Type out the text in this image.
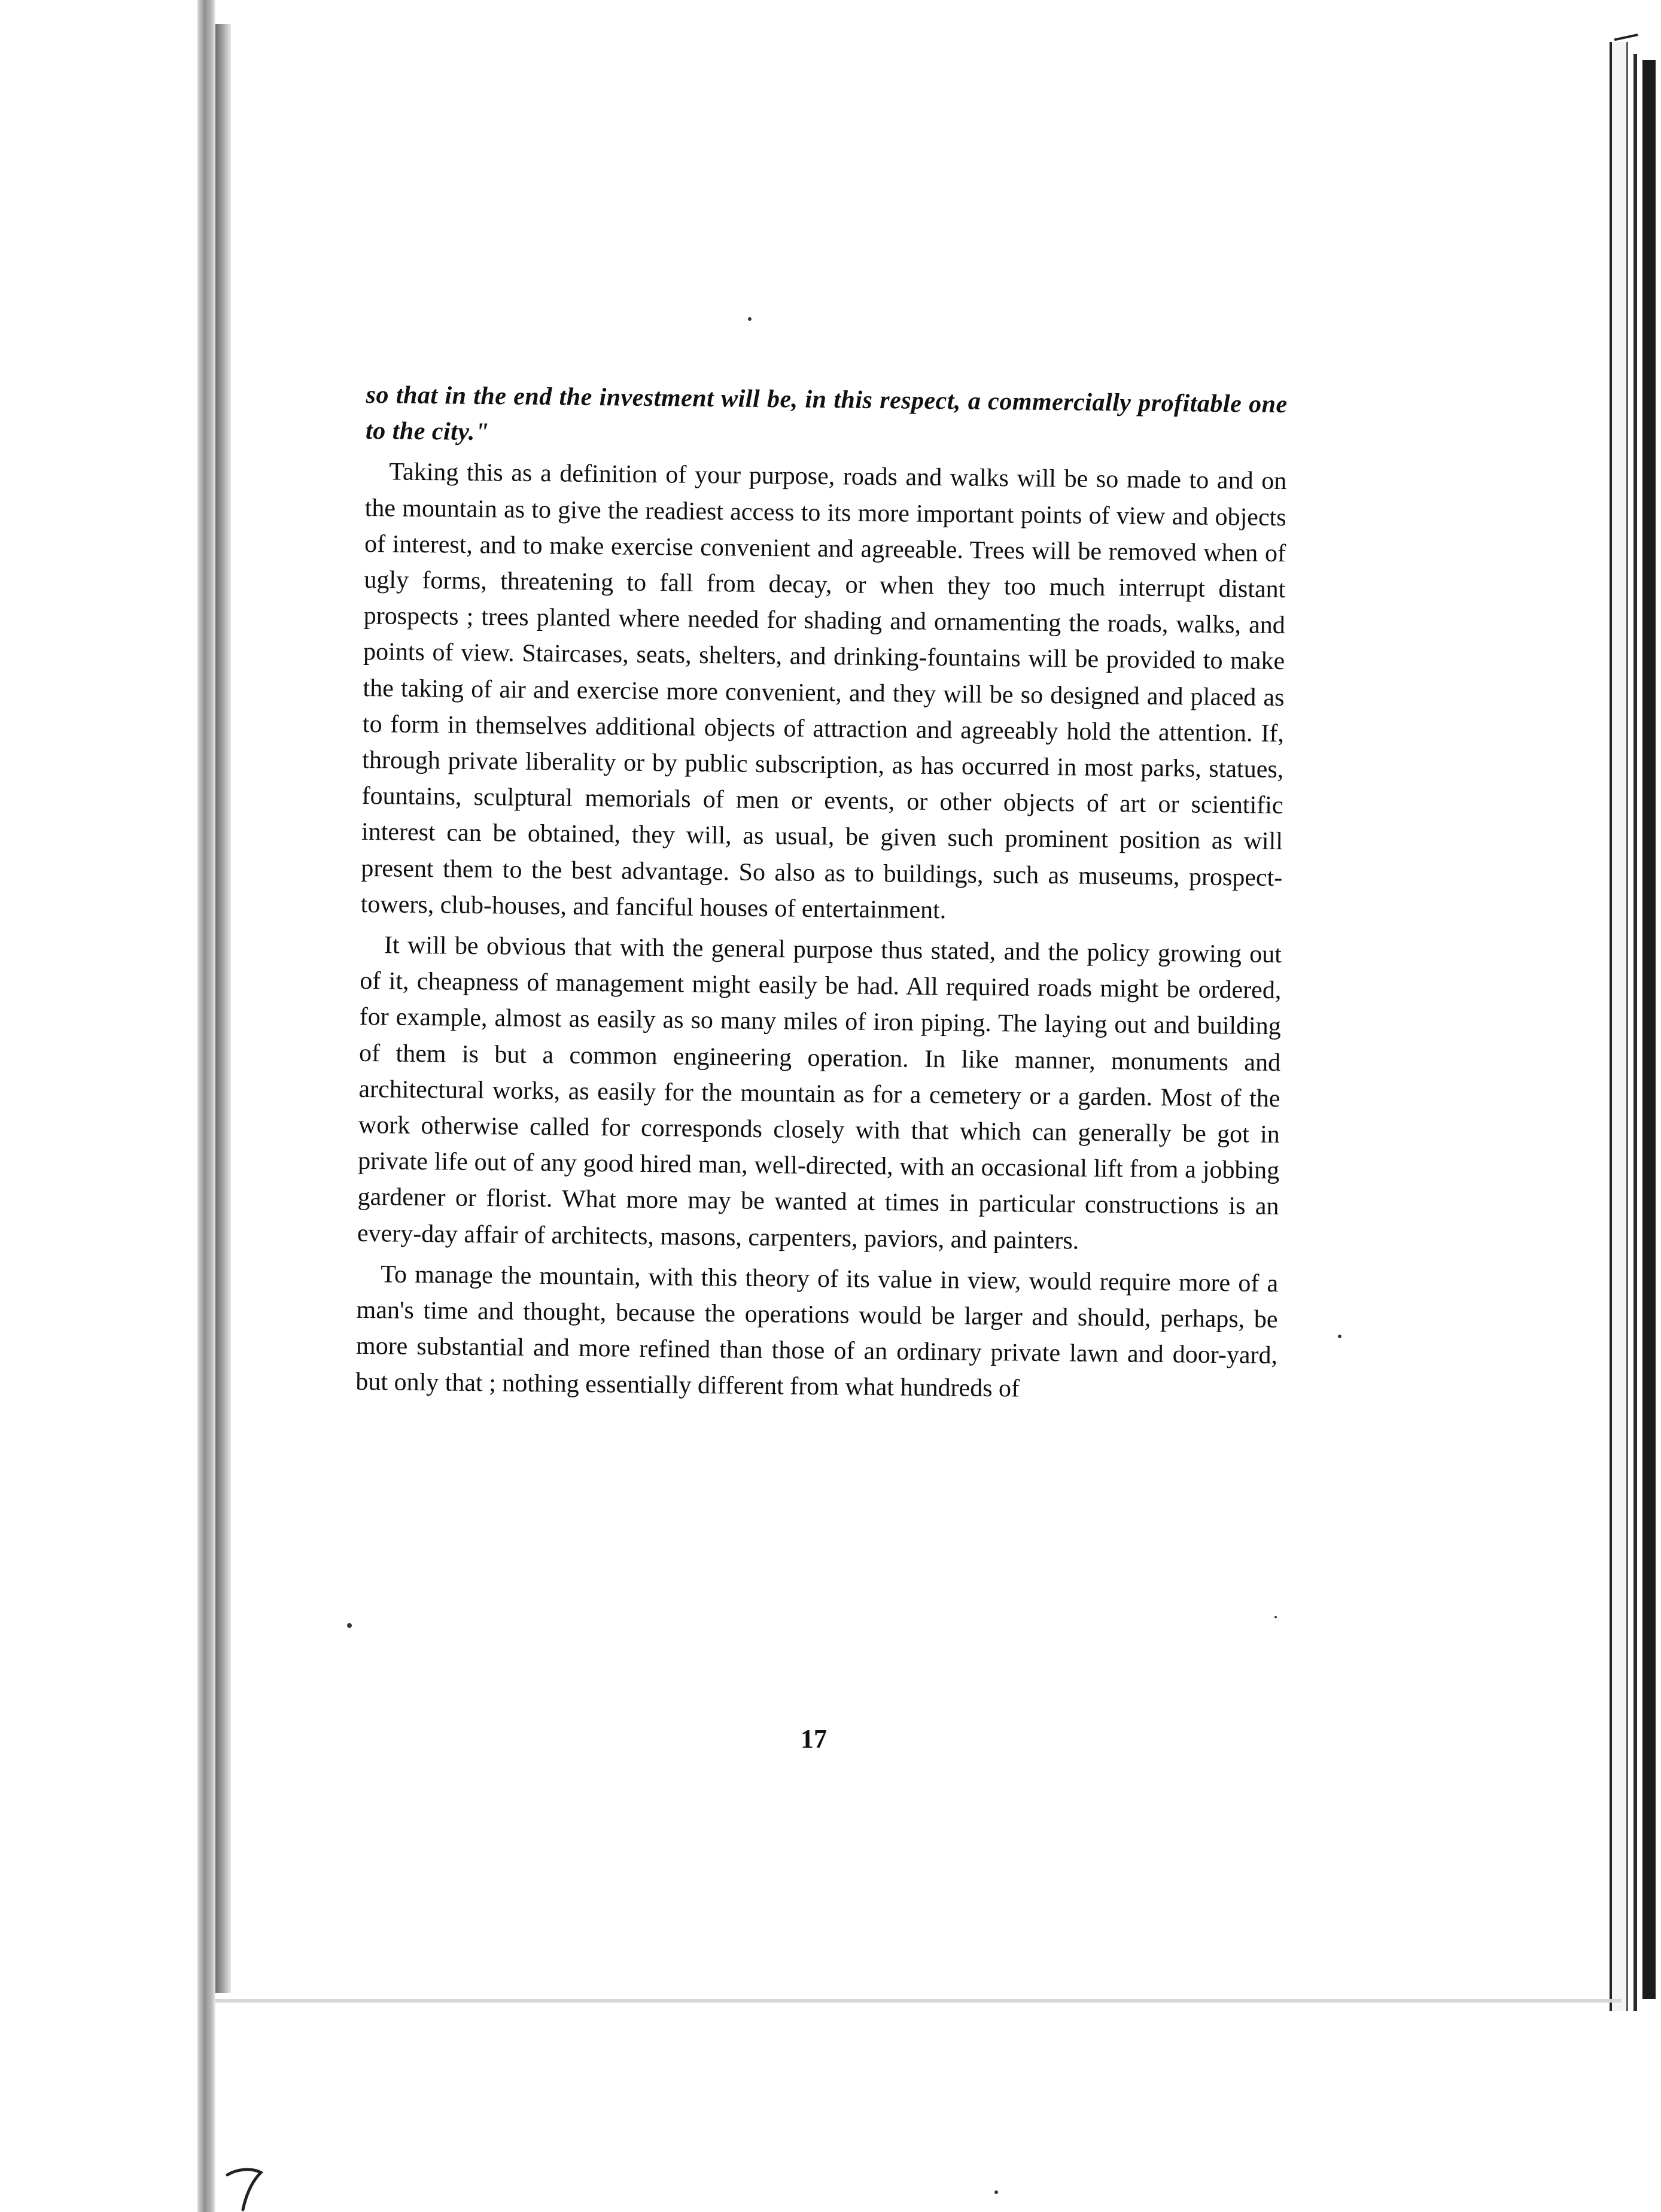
so that in the end the investment will be, in this respect, a commercially profitable one to the city."

Taking this as a definition of your purpose, roads and walks will be so made to and on the mountain as to give the readiest access to its more important points of view and objects of interest, and to make exercise convenient and agreeable. Trees will be removed when of ugly forms, threatening to fall from decay, or when they too much interrupt distant prospects ; trees planted where needed for shading and ornamenting the roads, walks, and points of view. Staircases, seats, shelters, and drinking-fountains will be provided to make the taking of air and exercise more convenient, and they will be so designed and placed as to form in themselves additional objects of attraction and agreeably hold the attention. If, through private liberality or by public subscription, as has occurred in most parks, statues, fountains, sculptural memorials of men or events, or other objects of art or scientific interest can be obtained, they will, as usual, be given such prominent position as will present them to the best advantage. So also as to buildings, such as museums, prospect-towers, club-houses, and fanciful houses of entertainment.

It will be obvious that with the general purpose thus stated, and the policy growing out of it, cheapness of management might easily be had. All required roads might be ordered, for example, almost as easily as so many miles of iron piping. The laying out and building of them is but a common engineering operation. In like manner, monuments and architectural works, as easily for the mountain as for a cemetery or a garden. Most of the work otherwise called for corresponds closely with that which can generally be got in private life out of any good hired man, well-directed, with an occasional lift from a jobbing gardener or florist. What more may be wanted at times in particular constructions is an every-day affair of architects, masons, carpenters, paviors, and painters.

To manage the mountain, with this theory of its value in view, would require more of a man's time and thought, because the operations would be larger and should, perhaps, be more substantial and more refined than those of an ordinary private lawn and door-yard, but only that ; nothing essentially different from what hundreds of

17
